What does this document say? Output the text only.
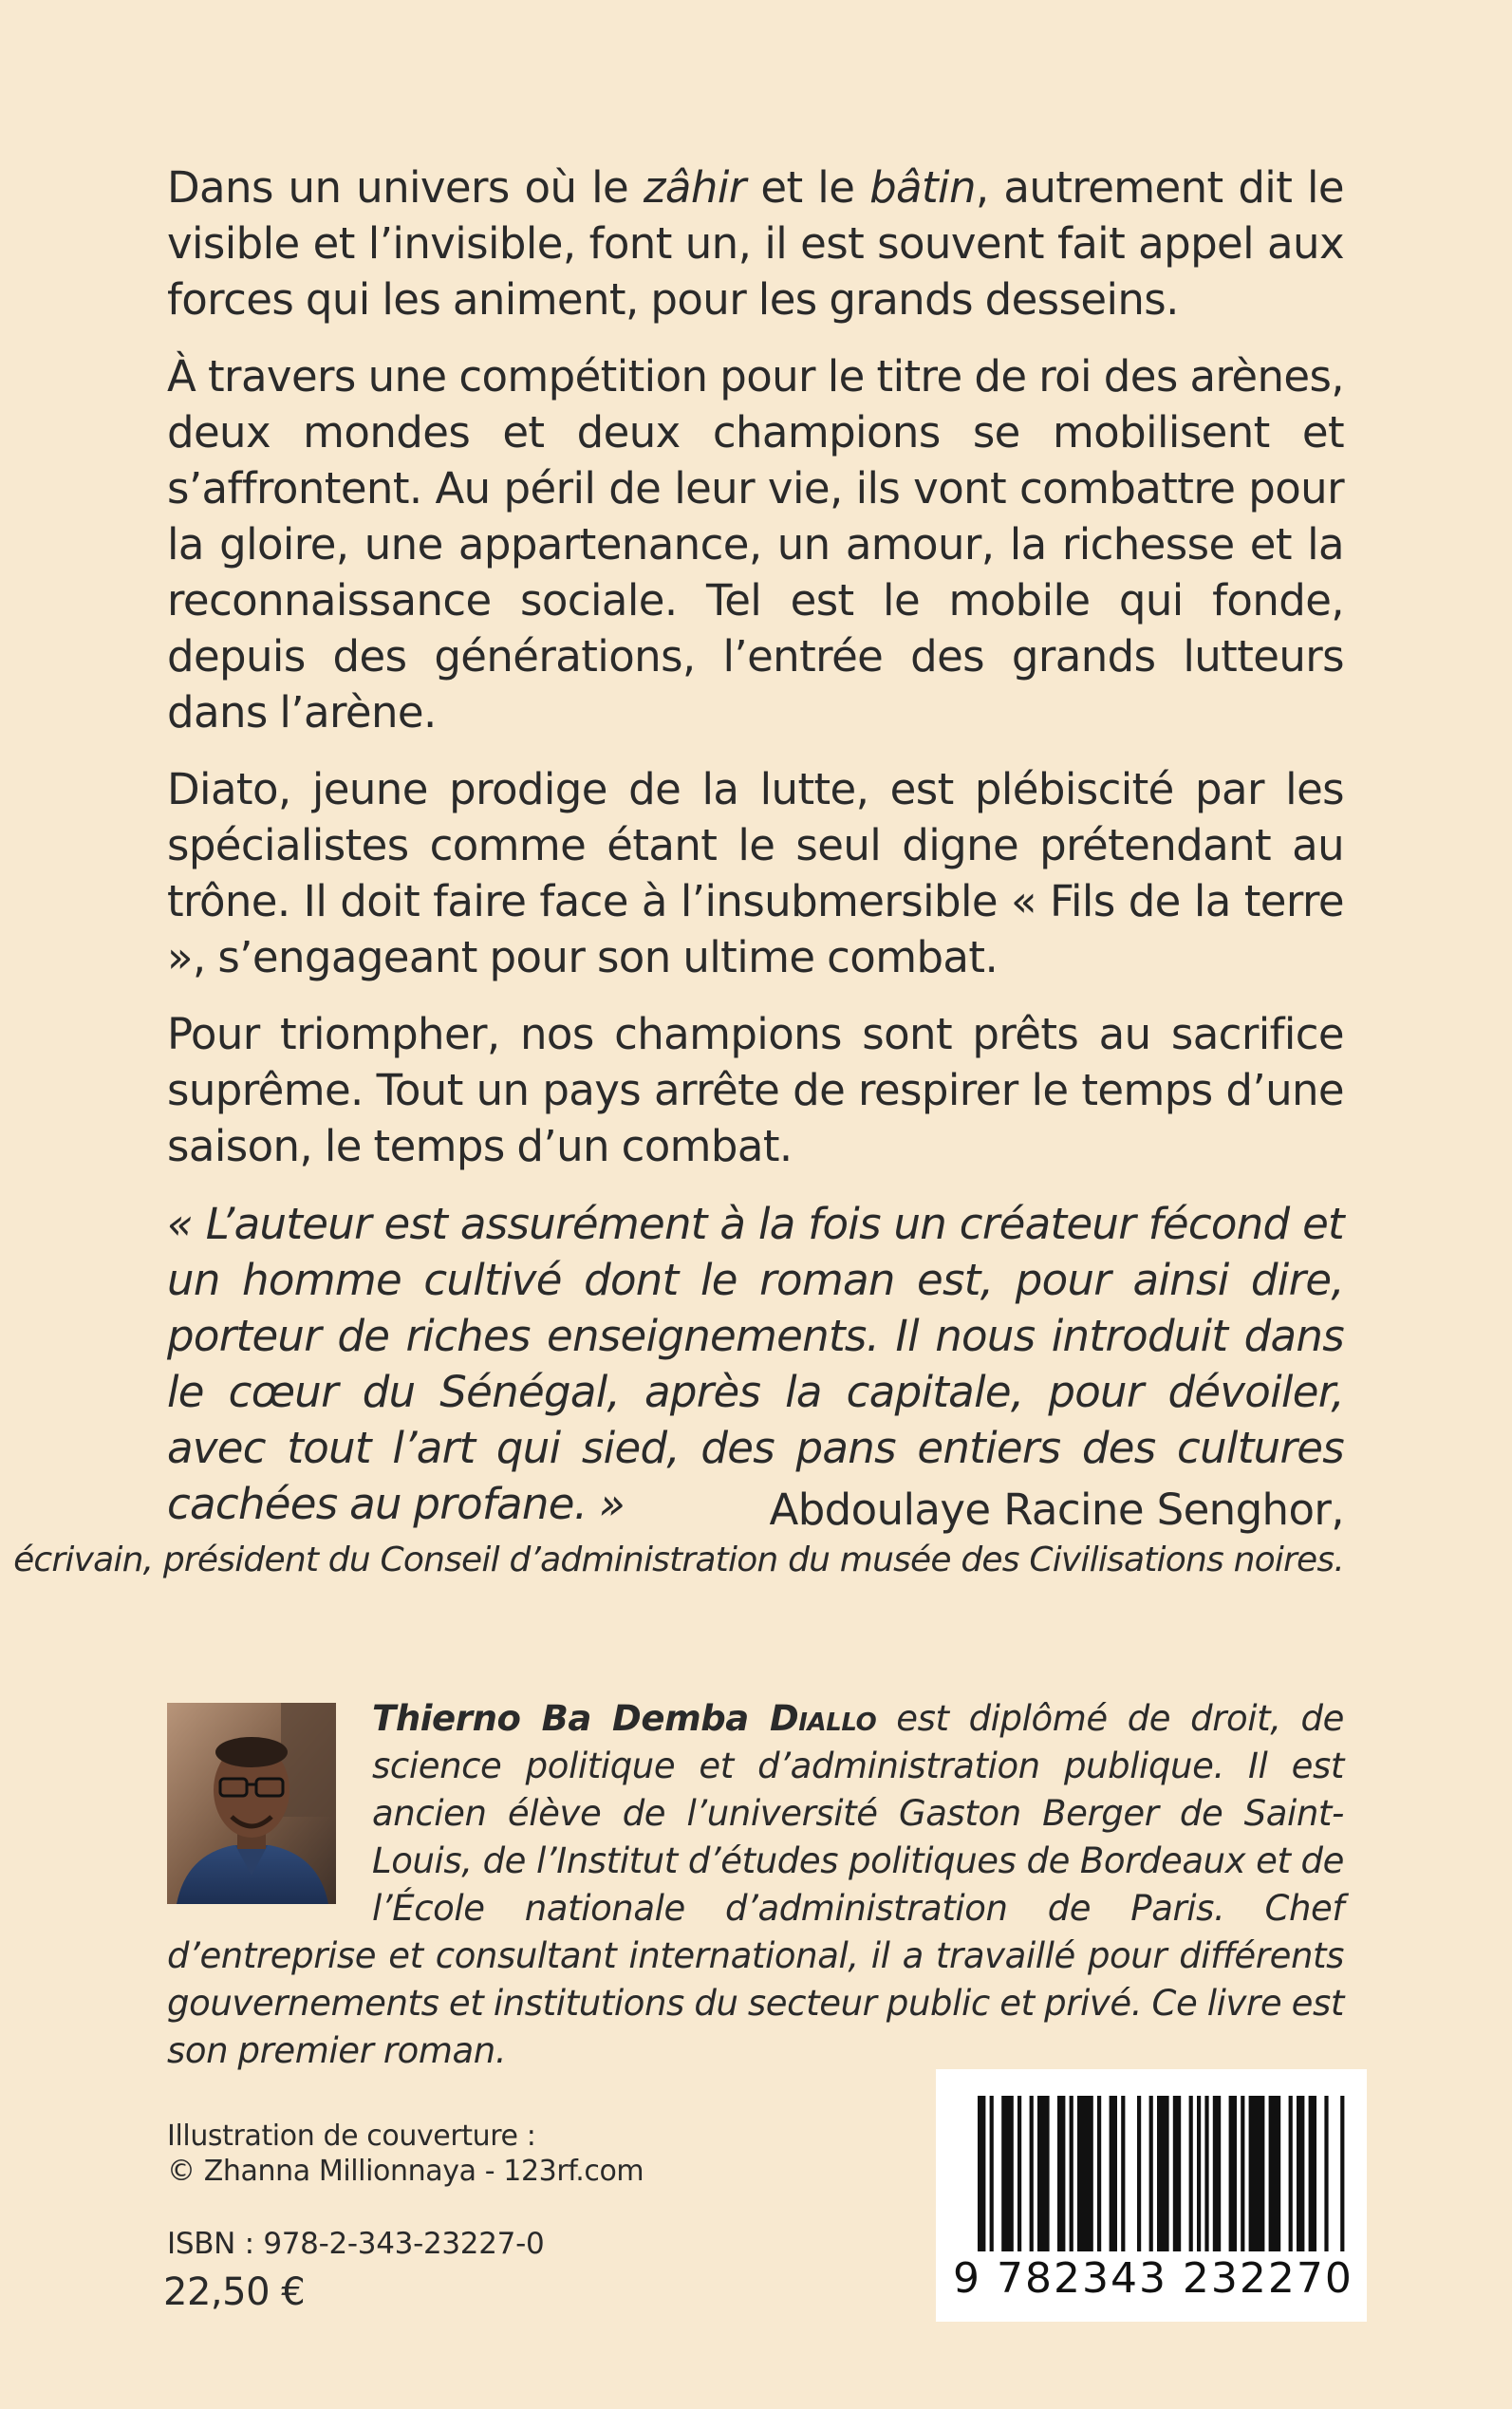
Dans un univers où le zâhir et le bâtin, autrement dit le visible et l’invisible, font un, il est souvent fait appel aux forces qui les animent, pour les grands desseins.

À travers une compétition pour le titre de roi des arènes, deux mondes et deux champions se mobilisent et s’affrontent. Au péril de leur vie, ils vont combattre pour la gloire, une appartenance, un amour, la richesse et la reconnaissance sociale. Tel est le mobile qui fonde, depuis des générations, l’entrée des grands lutteurs dans l’arène.

Diato, jeune prodige de la lutte, est plébiscité par les spécialistes comme étant le seul digne prétendant au trône. Il doit faire face à l’insubmersible « Fils de la terre », s’engageant pour son ultime combat.

Pour triompher, nos champions sont prêts au sacrifice suprême. Tout un pays arrête de respirer le temps d’une saison, le temps d’un combat.

« L’auteur est assurément à la fois un créateur fécond et un homme cultivé dont le roman est, pour ainsi dire, porteur de riches enseignements. Il nous introduit dans le cœur du Sénégal, après la capitale, pour dévoiler, avec tout l’art qui sied, des pans entiers des cultures cachées au profane. »	Abdoulaye Racine Senghor,
écrivain, président du Conseil d’administration du musée des Civilisations noires.

Thierno Ba Demba Diallo est diplômé de droit, de science politique et d’administration publique. Il est ancien élève de l’université Gaston Berger de Saint-Louis, de l’Institut d’études politiques de Bordeaux et de l’École nationale d’administration de Paris. Chef d’entreprise et consultant international, il a travaillé pour différents gouvernements et institutions du secteur public et privé. Ce livre est son premier roman.

Illustration de couverture :
© Zhanna Millionnaya - 123rf.com
ISBN : 978-2-343-23227-0
22,50 €	9 782343 232270
